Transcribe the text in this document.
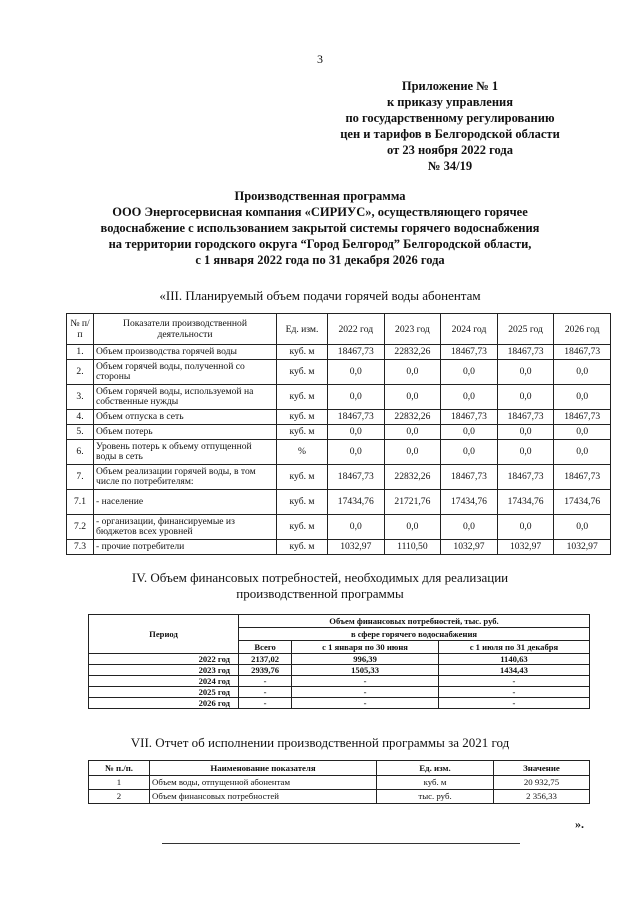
3
Приложение № 1
к приказу управления
по государственному регулированию
цен и тарифов в Белгородской области
от 23 ноября 2022 года
№ 34/19
Производственная программа
ООО Энергосервисная компания «СИРИУС», осуществляющего горячее
водоснабжение с использованием закрытой системы горячего водоснабжения
на территории городского округа “Город Белгород” Белгородской области,
с 1 января 2022 года по 31 декабря 2026 года
«III. Планируемый объем подачи горячей воды абонентам
№ п/п	Показатели производственной деятельности	Ед. изм.	2022 год	2023 год	2024 год	2025 год	2026 год
1.	Объем производства горячей воды	куб. м	18467,73	22832,26	18467,73	18467,73	18467,73
2.	Объем горячей воды, полученной со стороны	куб. м	0,0	0,0	0,0	0,0	0,0
3.	Объем горячей воды, используемой на собственные нужды	куб. м	0,0	0,0	0,0	0,0	0,0
4.	Объем отпуска в сеть	куб. м	18467,73	22832,26	18467,73	18467,73	18467,73
5.	Объем потерь	куб. м	0,0	0,0	0,0	0,0	0,0
6.	Уровень потерь к объему отпущенной воды в сеть	%	0,0	0,0	0,0	0,0	0,0
7.	Объем реализации горячей воды, в том числе по потребителям:	куб. м	18467,73	22832,26	18467,73	18467,73	18467,73
7.1	- население	куб. м	17434,76	21721,76	17434,76	17434,76	17434,76
7.2	- организации, финансируемые из бюджетов всех уровней	куб. м	0,0	0,0	0,0	0,0	0,0
7.3	- прочие потребители	куб. м	1032,97	1110,50	1032,97	1032,97	1032,97
IV. Объем финансовых потребностей, необходимых для реализации
производственной программы
Период	Объем финансовых потребностей, тыс. руб.		
	в сфере горячего водоснабжения		
	Всего	с 1 января по 30 июня	с 1 июля по 31 декабря
2022 год	2137,02	996,39	1140,63
2023 год	2939,76	1505,33	1434,43
2024 год	-	-	-
2025 год	-	-	-
2026 год	-	-	-
VII. Отчет об исполнении производственной программы за 2021 год
№ п./п.	Наименование показателя	Ед. изм.	Значение
1	Объем воды, отпущенной абонентам	куб. м	20 932,75
2	Объем финансовых потребностей	тыс. руб.	2 356,33
».
